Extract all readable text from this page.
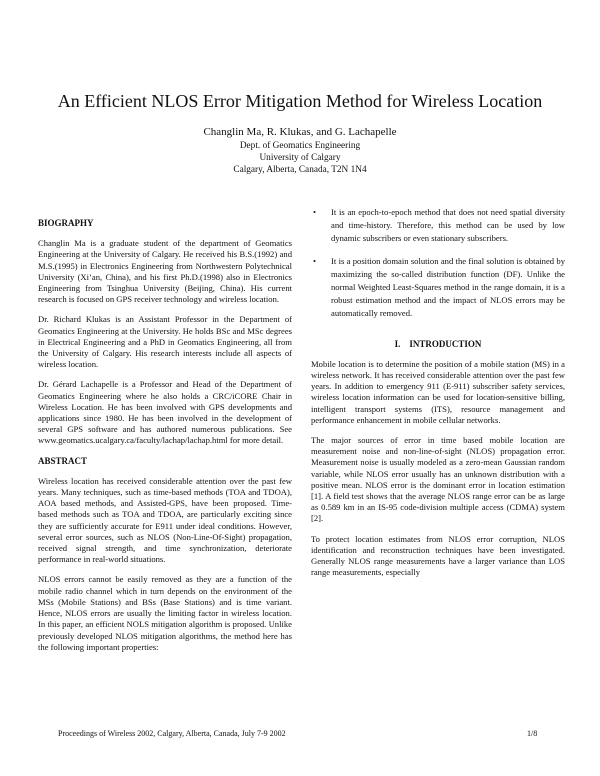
An Efficient NLOS Error Mitigation Method for Wireless Location
Changlin Ma, R. Klukas, and G. Lachapelle
Dept. of Geomatics Engineering
University of Calgary
Calgary, Alberta, Canada, T2N 1N4
BIOGRAPHY

Changlin Ma is a graduate student of the department of Geomatics Engineering at the University of Calgary. He received his B.S.(1992) and M.S.(1995) in Electronics Engineering from Northwestern Polytechnical University (Xi’an, China), and his first Ph.D.(1998) also in Electronics Engineering from Tsinghua University (Beijing, China). His current research is focused on GPS receiver technology and wireless location.

Dr. Richard Klukas is an Assistant Professor in the Department of Geomatics Engineering at the University. He holds BSc and MSc degrees in Electrical Engineering and a PhD in Geomatics Engineering, all from the University of Calgary. His research interests include all aspects of wireless location.

Dr. Gérard Lachapelle is a Professor and Head of the Department of Geomatics Engineering where he also holds a CRC/iCORE Chair in Wireless Location. He has been involved with GPS developments and applications since 1980. He has been involved in the development of several GPS software and has authored numerous publications. See www.geomatics.ucalgary.ca/faculty/lachap/lachap.html for more detail.

ABSTRACT

Wireless location has received considerable attention over the past few years. Many techniques, such as time-based methods (TOA and TDOA), AOA based methods, and Assisted-GPS, have been proposed. Time-based methods such as TOA and TDOA, are particularly exciting since they are sufficiently accurate for E911 under ideal conditions. However, several error sources, such as NLOS (Non-Line-Of-Sight) propagation, received signal strength, and time synchronization, deteriorate performance in real-world situations.

NLOS errors cannot be easily removed as they are a function of the mobile radio channel which in turn depends on the environment of the MSs (Mobile Stations) and BSs (Base Stations) and is time variant. Hence, NLOS errors are usually the limiting factor in wireless location. In this paper, an efficient NOLS mitigation algorithm is proposed. Unlike previously developed NLOS mitigation algorithms, the method here has the following important properties:

• It is an epoch-to-epoch method that does not need spatial diversity and time-history. Therefore, this method can be used by low dynamic subscribers or even stationary subscribers.
• It is a position domain solution and the final solution is obtained by maximizing the so-called distribution function (DF). Unlike the normal Weighted Least-Squares method in the range domain, it is a robust estimation method and the impact of NLOS errors may be automatically removed.
I.    INTRODUCTION

Mobile location is to determine the position of a mobile station (MS) in a wireless network. It has received considerable attention over the past few years. In addition to emergency 911 (E-911) subscriber safety services, wireless location information can be used for location-sensitive billing, intelligent transport systems (ITS), resource management and performance enhancement in mobile cellular networks.

The major sources of error in time based mobile location are measurement noise and non-line-of-sight (NLOS) propagation error. Measurement noise is usually modeled as a zero-mean Gaussian random variable, while NLOS error usually has an unknown distribution with a positive mean. NLOS error is the dominant error in location estimation [1]. A field test shows that the average NLOS range error can be as large as 0.589 km in an IS-95 code-division multiple access (CDMA) system [2].

To protect location estimates from NLOS error corruption, NLOS identification and reconstruction techniques have been investigated. Generally NLOS range measurements have a larger variance than LOS range measurements, especially

Proceedings of Wireless 2002, Calgary, Alberta, Canada, July 7-9 2002	1/8
